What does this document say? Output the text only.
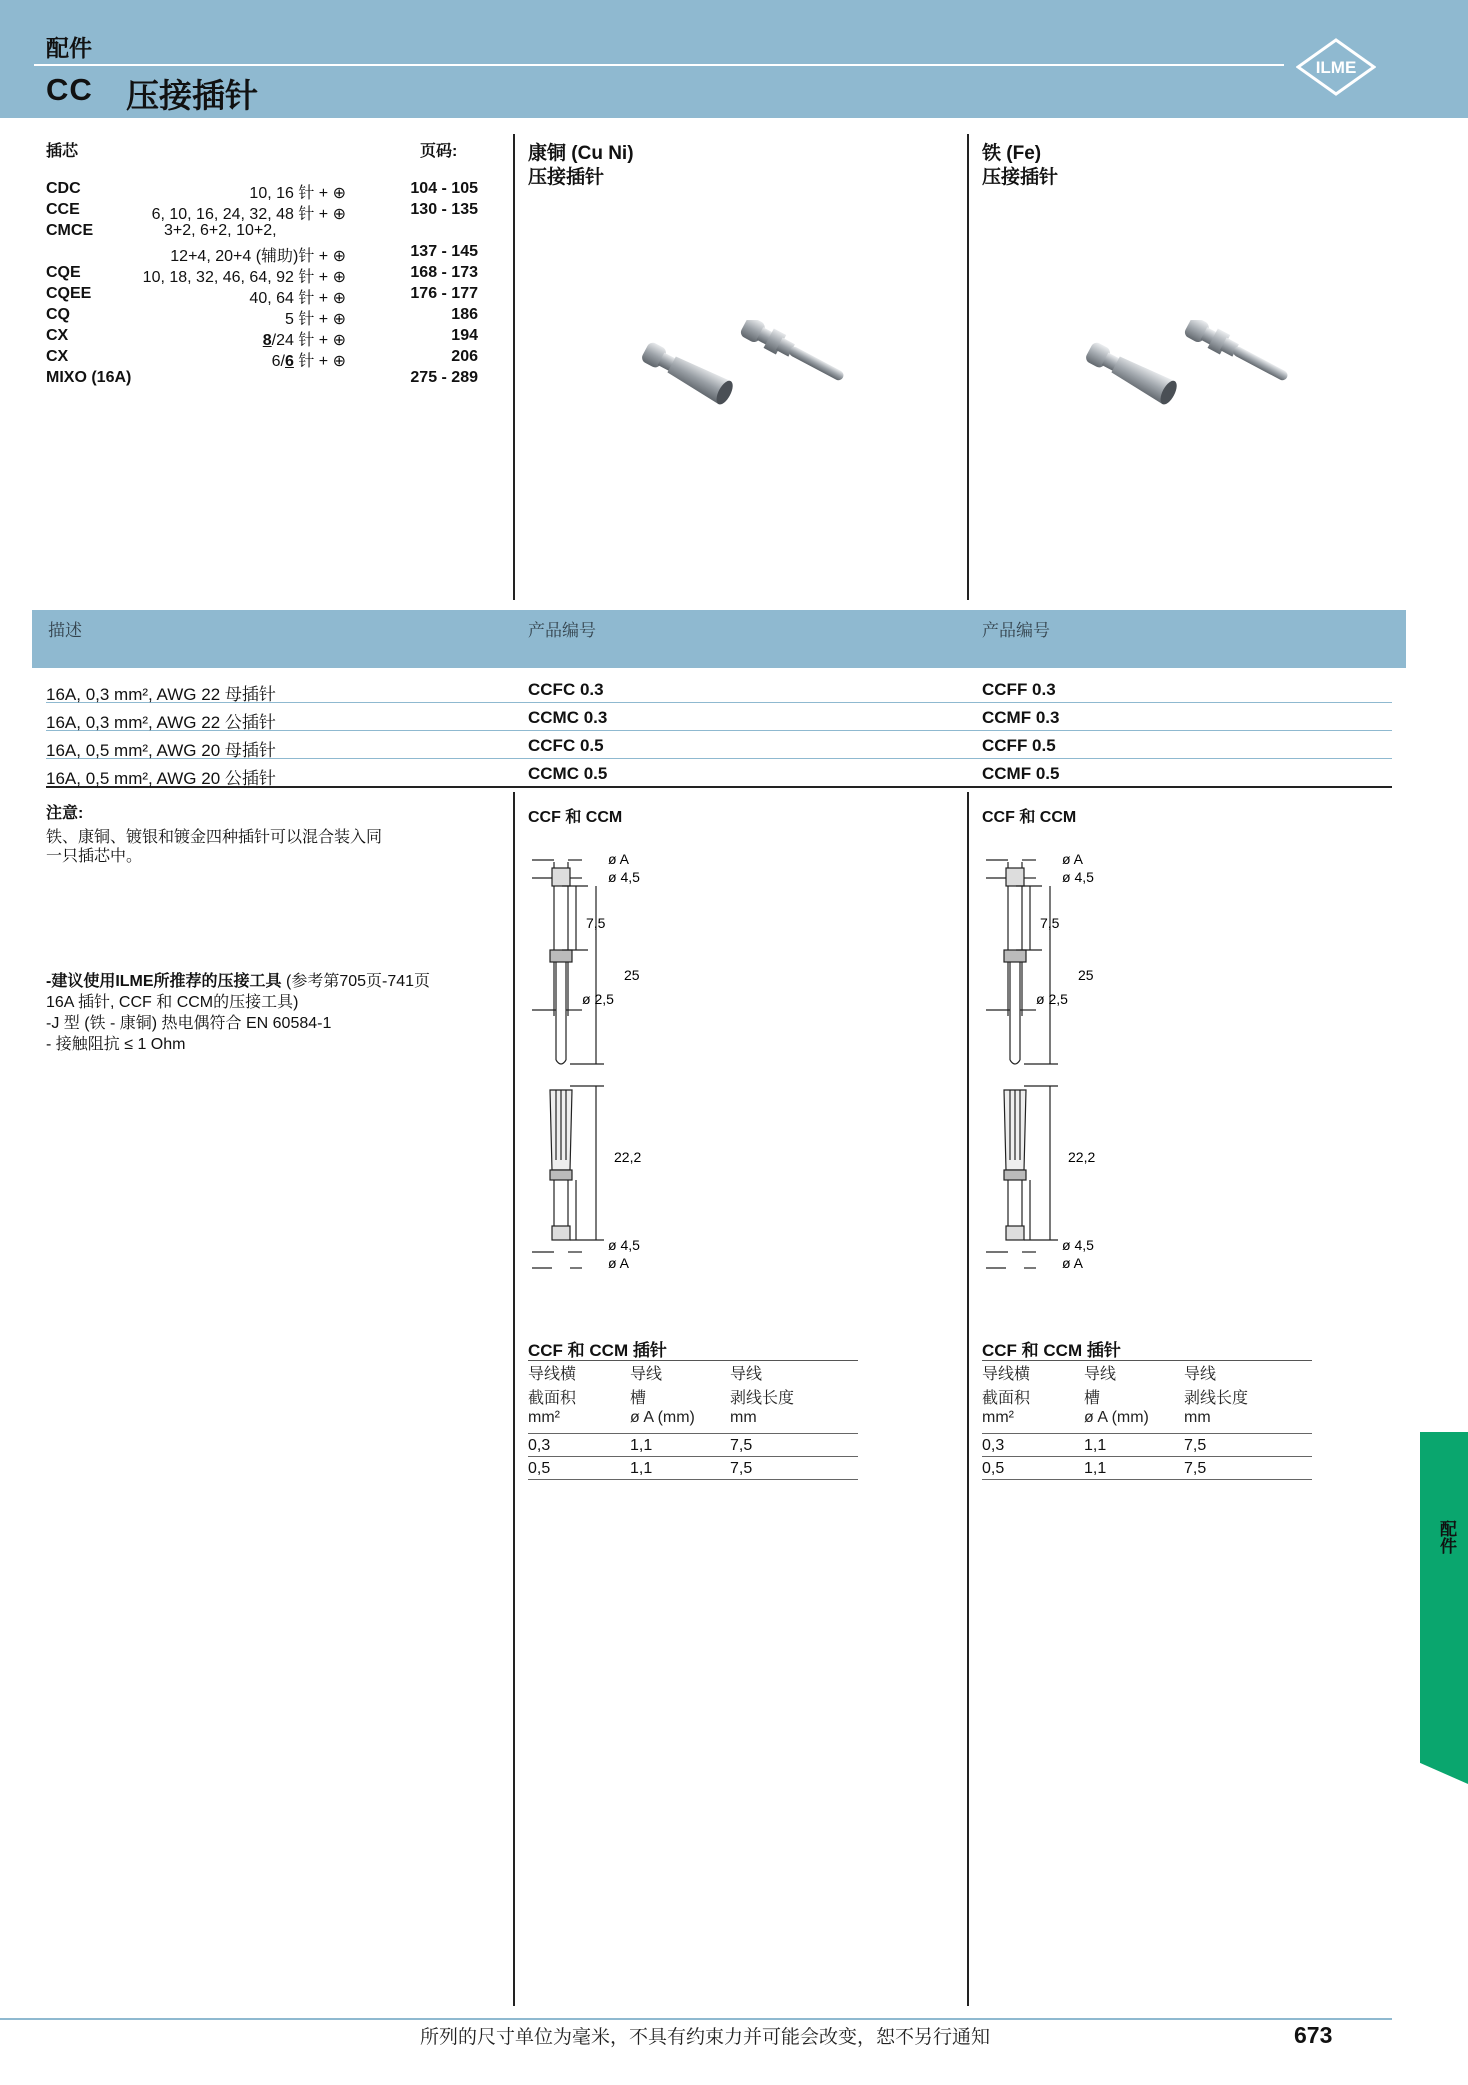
配件
CC 压接插针
ILME
插芯	页码:
CDC	10, 16 针 + ⊕	104 - 105
CCE	6, 10, 16, 24, 32, 48 针 + ⊕	130 - 135
CMCE	3+2, 6+2, 10+2,
12+4, 20+4 (辅助)针 + ⊕	137 - 145
CQE	10, 18, 32, 46, 64, 92 针 + ⊕	168 - 173
CQEE	40, 64 针 + ⊕	176 - 177
CQ	5 针 + ⊕	186
CX	8/24 针 + ⊕	194
CX	6/6 针 + ⊕	206
MIXO (16A)	275 - 289
康铜 (Cu Ni)
压接插针
铁 (Fe)
压接插针
描述	产品编号	产品编号
16A, 0,3 mm², AWG 22 母插针	CCFC 0.3	CCFF 0.3
16A, 0,3 mm², AWG 22 公插针	CCMC 0.3	CCMF 0.3
16A, 0,5 mm², AWG 20 母插针	CCFC 0.5	CCFF 0.5
16A, 0,5 mm², AWG 20 公插针	CCMC 0.5	CCMF 0.5
注意:
铁、康铜、镀银和镀金四种插针可以混合装入同
一只插芯中。
-建议使用ILME所推荐的压接工具 (参考第705页-741页
16A 插针, CCF 和 CCM的压接工具)
-J 型 (铁 - 康铜) 热电偶符合 EN 60584-1
- 接触阻抗 ≤ 1 Ohm
CCF 和 CCM
ø A
ø 4,5
7,5
25
ø 2,5
22,2
ø 4,5
ø A
CCF 和 CCM
ø A
ø 4,5
7,5
25
ø 2,5
22,2
ø 4,5
ø A
CCF 和 CCM 插针
导线横	导线	导线
截面积	槽	剥线长度
mm²	ø A (mm) mm
0,3	1,1	7,5
0,5	1,1	7,5
CCF 和 CCM 插针
导线横	导线	导线
截面积	槽	剥线长度
mm²	ø A (mm) mm
0,3	1,1	7,5
0,5	1,1	7,5
配件
所列的尺寸单位为毫米，不具有约束力并可能会改变，恕不另行通知	673
